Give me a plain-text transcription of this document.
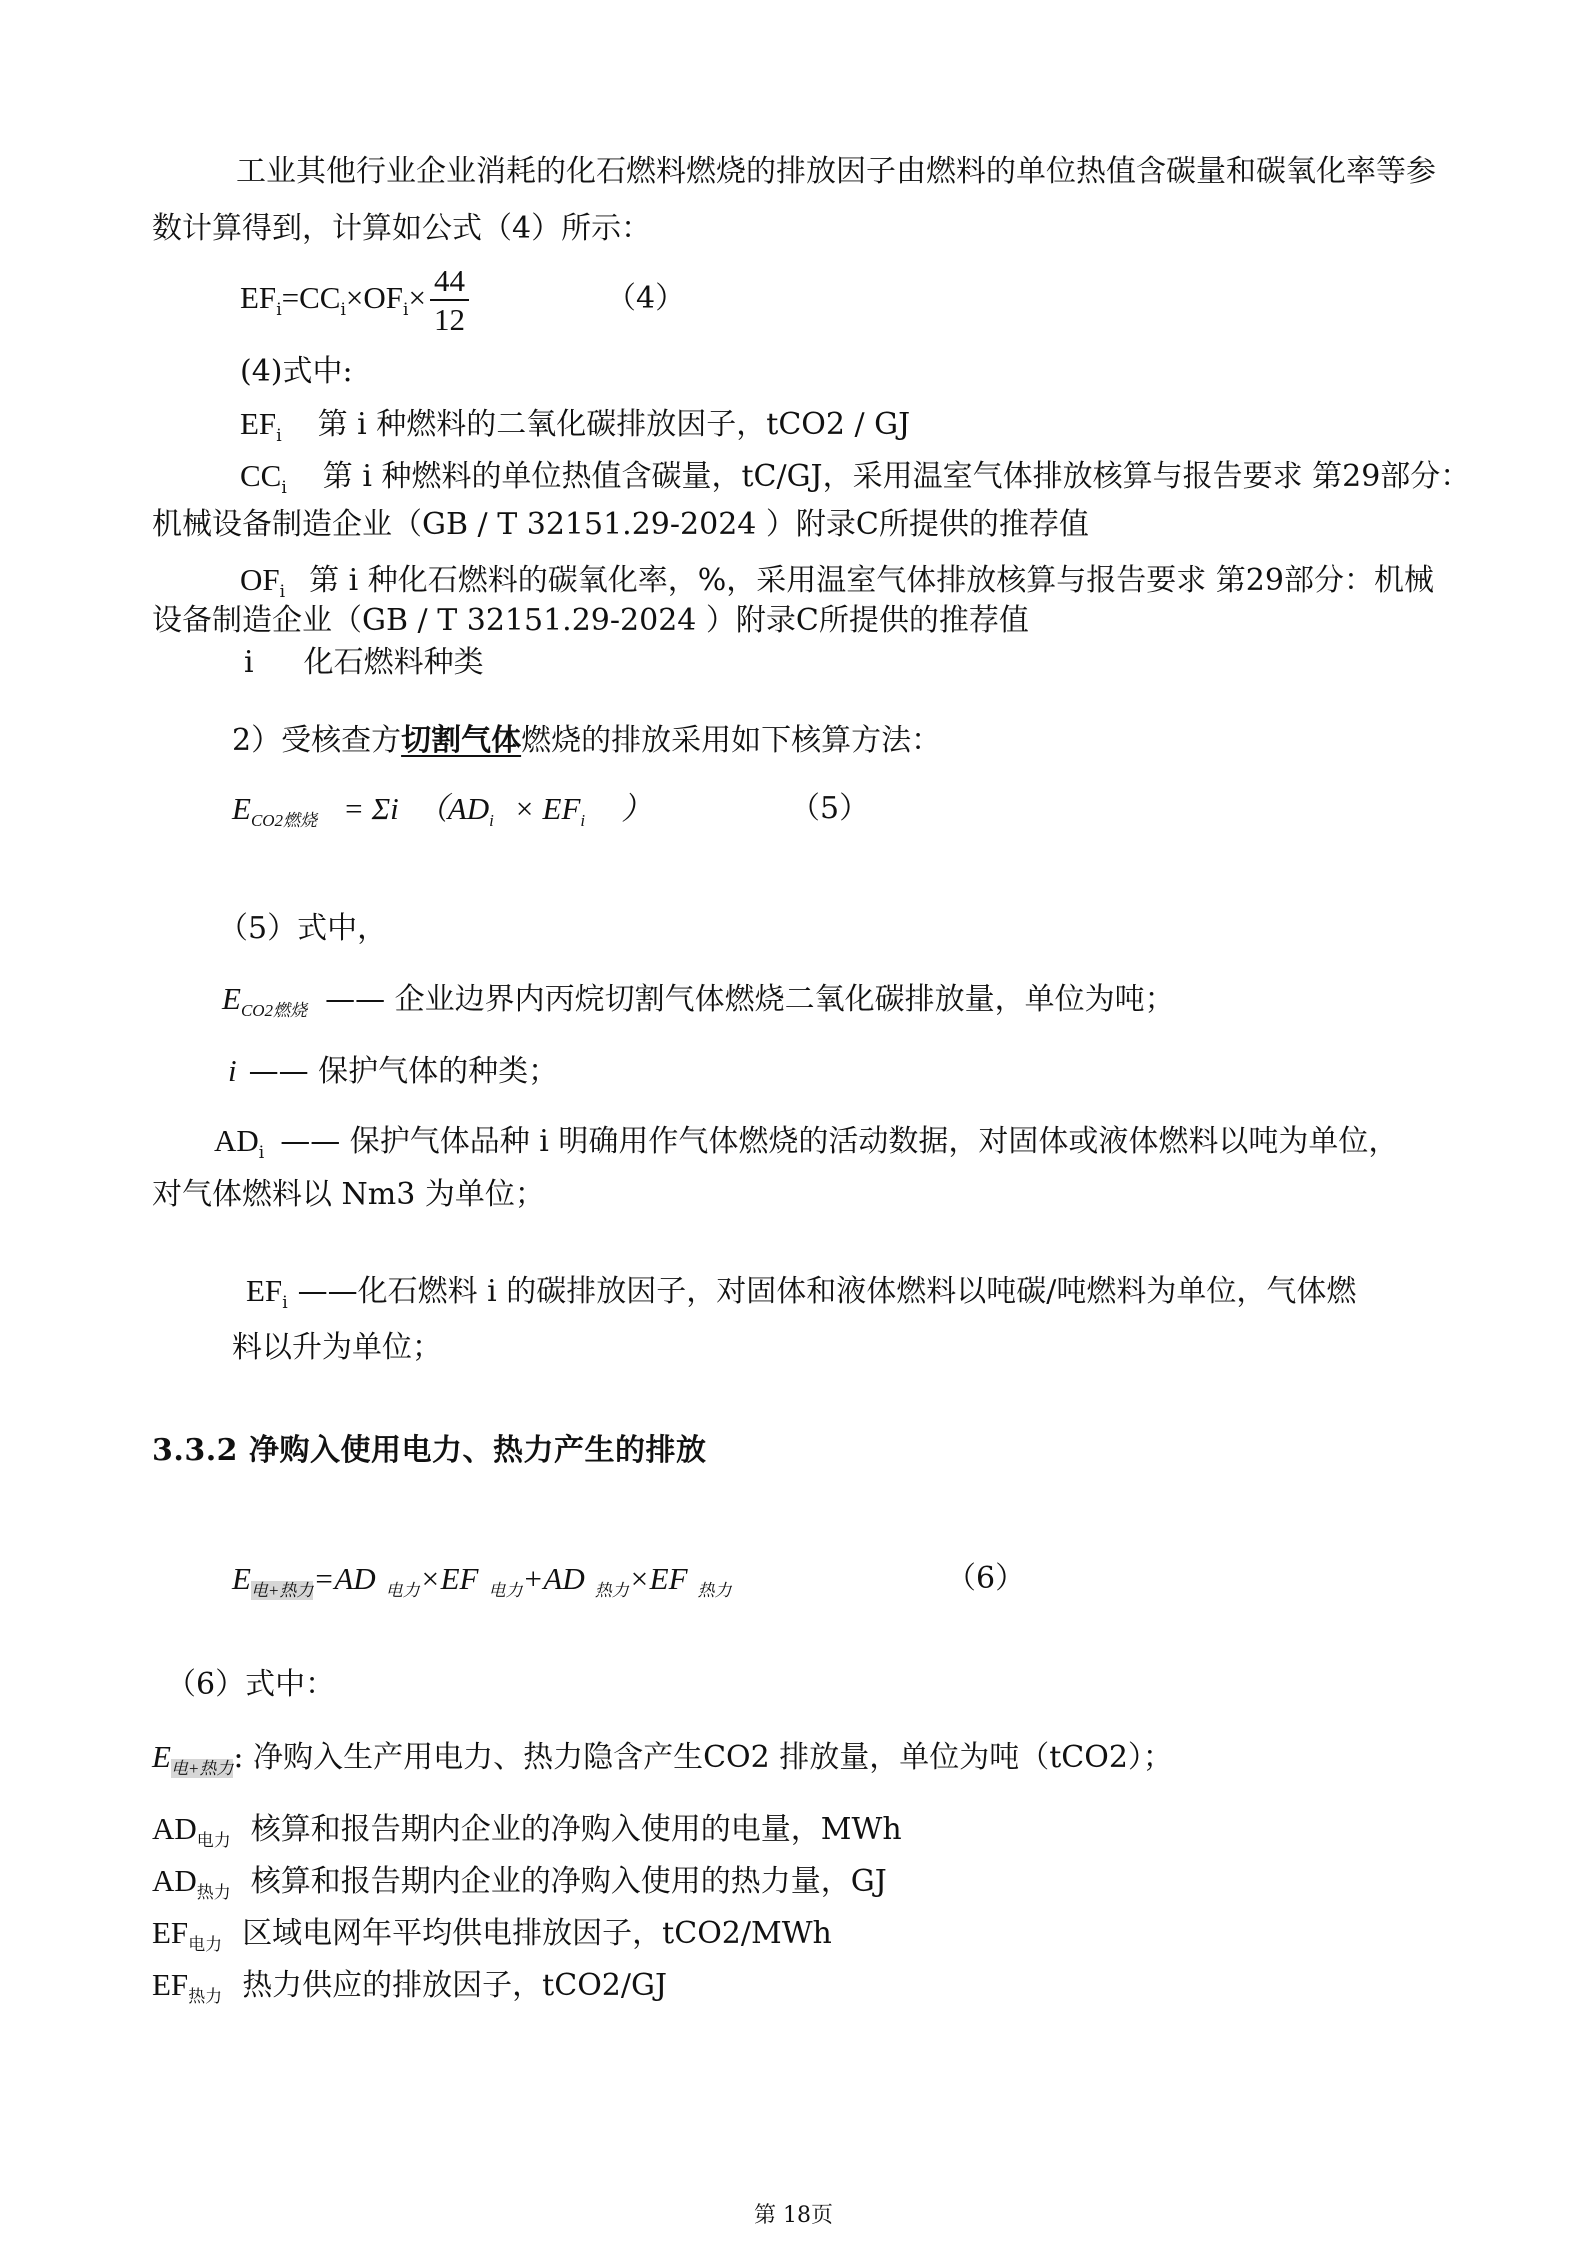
工业其他行业企业消耗的化石燃料燃烧的排放因子由燃料的单位热值含碳量和碳氧化率等参
数计算得到，计算如公式（4）所示：
$EF_i=CC_i\times OF_i\times \frac{44}{12}$	（4）
(4)式中:
$EF_i$ 第 i 种燃料的二氧化碳排放因子，tCO2 / GJ
$CC_i$ 第 i 种燃料的单位热值含碳量，tC/GJ，采用温室气体排放核算与报告要求 第29部分：
机械设备制造企业（GB / T 32151.29-2024 ）附录C所提供的推荐值
$OF_i$ 第 i 种化石燃料的碳氧化率，%，采用温室气体排放核算与报告要求 第29部分：机械
设备制造企业（GB / T 32151.29-2024 ）附录C所提供的推荐值
i 化石燃料种类
2）受核查方切割气体燃烧的排放采用如下核算方法：
$E_{CO2燃烧} = \Sigma i$ （$AD_i \times EF_i$ ）	（5）
（5）式中，
$E_{CO2燃烧}$ —— 企业边界内丙烷切割气体燃烧二氧化碳排放量，单位为吨；
i —— 保护气体的种类；
$AD_i$ —— 保护气体品种 i 明确用作气体燃烧的活动数据，对固体或液体燃料以吨为单位，
对气体燃料以 Nm3 为单位；
$EF_i$ ——化石燃料 i 的碳排放因子，对固体和液体燃料以吨碳/吨燃料为单位，气体燃
料以升为单位；
3.3.2 净购入使用电力、热力产生的排放
$E_{电+热力}=AD$ $_{电力}$×EF $_{电力}$+AD $_{热力}$×EF $_{热力}$	（6）
（6）式中：
$E_{电+热力}$: 净购入生产用电力、热力隐含产生CO2 排放量，单位为吨（tCO2）；
$AD_{电力}$ 核算和报告期内企业的净购入使用的电量，MWh
$AD_{热力}$ 核算和报告期内企业的净购入使用的热力量，GJ
$EF_{电力}$ 区域电网年平均供电排放因子，tCO2/MWh
$EF_{热力}$ 热力供应的排放因子，tCO2/GJ
第 18页
